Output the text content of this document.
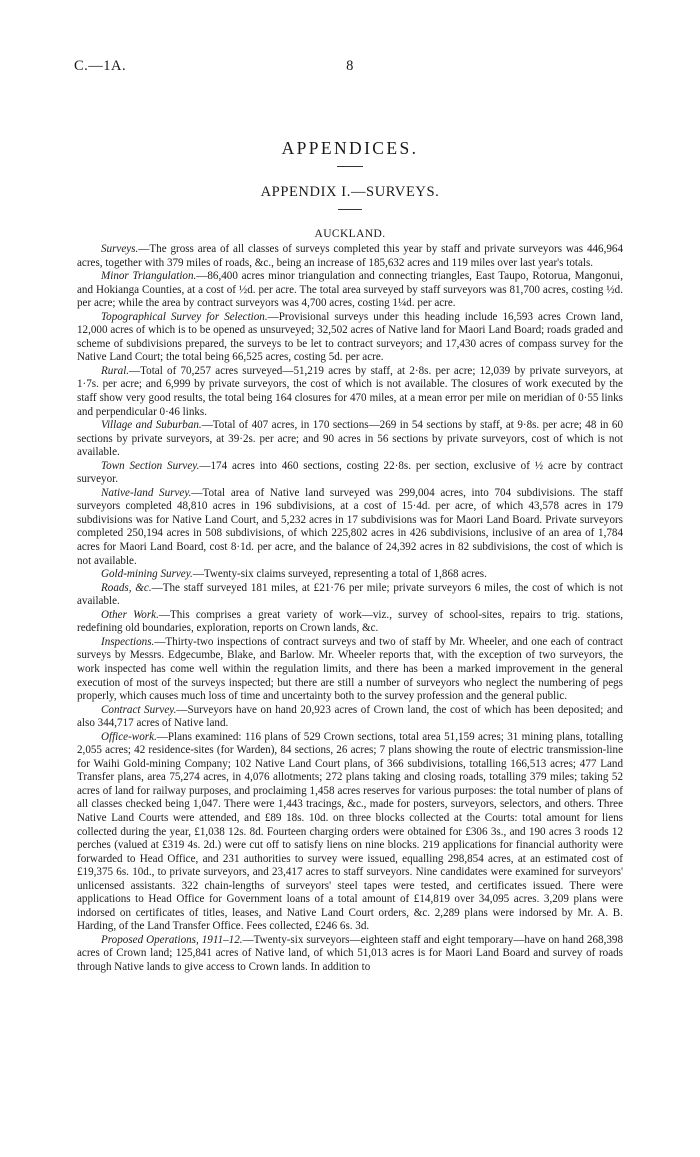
C.—1A.	8
APPENDICES.
APPENDIX I.—SURVEYS.
AUCKLAND.

Surveys.—The gross area of all classes of surveys completed this year by staff and private surveyors was 446,964 acres, together with 379 miles of roads, &c., being an increase of 185,632 acres and 119 miles over last year's totals.

Minor Triangulation.—86,400 acres minor triangulation and connecting triangles, East Taupo, Rotorua, Mangonui, and Hokianga Counties, at a cost of ½d. per acre. The total area surveyed by staff surveyors was 81,700 acres, costing ½d. per acre; while the area by contract surveyors was 4,700 acres, costing 1¼d. per acre.

Topographical Survey for Selection.—Provisional surveys under this heading include 16,593 acres Crown land, 12,000 acres of which is to be opened as unsurveyed; 32,502 acres of Native land for Maori Land Board; roads graded and scheme of subdivisions prepared, the surveys to be let to contract surveyors; and 17,430 acres of compass survey for the Native Land Court; the total being 66,525 acres, costing 5d. per acre.

Rural.—Total of 70,257 acres surveyed—51,219 acres by staff, at 2·8s. per acre; 12,039 by private surveyors, at 1·7s. per acre; and 6,999 by private surveyors, the cost of which is not available. The closures of work executed by the staff show very good results, the total being 164 closures for 470 miles, at a mean error per mile on meridian of 0·55 links and perpendicular 0·46 links.

Village and Suburban.—Total of 407 acres, in 170 sections—269 in 54 sections by staff, at 9·8s. per acre; 48 in 60 sections by private surveyors, at 39·2s. per acre; and 90 acres in 56 sections by private surveyors, cost of which is not available.

Town Section Survey.—174 acres into 460 sections, costing 22·8s. per section, exclusive of ½ acre by contract surveyor.

Native-land Survey.—Total area of Native land surveyed was 299,004 acres, into 704 subdivisions. The staff surveyors completed 48,810 acres in 196 subdivisions, at a cost of 15·4d. per acre, of which 43,578 acres in 179 subdivisions was for Native Land Court, and 5,232 acres in 17 subdivisions was for Maori Land Board. Private surveyors completed 250,194 acres in 508 subdivisions, of which 225,802 acres in 426 subdivisions, inclusive of an area of 1,784 acres for Maori Land Board, cost 8·1d. per acre, and the balance of 24,392 acres in 82 subdivisions, the cost of which is not available.

Gold-mining Survey.—Twenty-six claims surveyed, representing a total of 1,868 acres.

Roads, &c.—The staff surveyed 181 miles, at £21·76 per mile; private surveyors 6 miles, the cost of which is not available.

Other Work.—This comprises a great variety of work—viz., survey of school-sites, repairs to trig. stations, redefining old boundaries, exploration, reports on Crown lands, &c.

Inspections.—Thirty-two inspections of contract surveys and two of staff by Mr. Wheeler, and one each of contract surveys by Messrs. Edgecumbe, Blake, and Barlow. Mr. Wheeler reports that, with the exception of two surveyors, the work inspected has come well within the regulation limits, and there has been a marked improvement in the general execution of most of the surveys inspected; but there are still a number of surveyors who neglect the numbering of pegs properly, which causes much loss of time and uncertainty both to the survey profession and the general public.

Contract Survey.—Surveyors have on hand 20,923 acres of Crown land, the cost of which has been deposited; and also 344,717 acres of Native land.

Office-work.—Plans examined: 116 plans of 529 Crown sections, total area 51,159 acres; 31 mining plans, totalling 2,055 acres; 42 residence-sites (for Warden), 84 sections, 26 acres; 7 plans showing the route of electric transmission-line for Waihi Gold-mining Company; 102 Native Land Court plans, of 366 subdivisions, totalling 166,513 acres; 477 Land Transfer plans, area 75,274 acres, in 4,076 allotments; 272 plans taking and closing roads, totalling 379 miles; taking 52 acres of land for railway purposes, and proclaiming 1,458 acres reserves for various purposes: the total number of plans of all classes checked being 1,047. There were 1,443 tracings, &c., made for posters, surveyors, selectors, and others. Three Native Land Courts were attended, and £89 18s. 10d. on three blocks collected at the Courts: total amount for liens collected during the year, £1,038 12s. 8d. Fourteen charging orders were obtained for £306 3s., and 190 acres 3 roods 12 perches (valued at £319 4s. 2d.) were cut off to satisfy liens on nine blocks. 219 applications for financial authority were forwarded to Head Office, and 231 authorities to survey were issued, equalling 298,854 acres, at an estimated cost of £19,375 6s. 10d., to private surveyors, and 23,417 acres to staff surveyors. Nine candidates were examined for surveyors' unlicensed assistants. 322 chain-lengths of surveyors' steel tapes were tested, and certificates issued. There were applications to Head Office for Government loans of a total amount of £14,819 over 34,095 acres. 3,209 plans were indorsed on certificates of titles, leases, and Native Land Court orders, &c. 2,289 plans were indorsed by Mr. A. B. Harding, of the Land Transfer Office. Fees collected, £246 6s. 3d.

Proposed Operations, 1911–12.—Twenty-six surveyors—eighteen staff and eight temporary—have on hand 268,398 acres of Crown land; 125,841 acres of Native land, of which 51,013 acres is for Maori Land Board and survey of roads through Native lands to give access to Crown lands. In addition to
